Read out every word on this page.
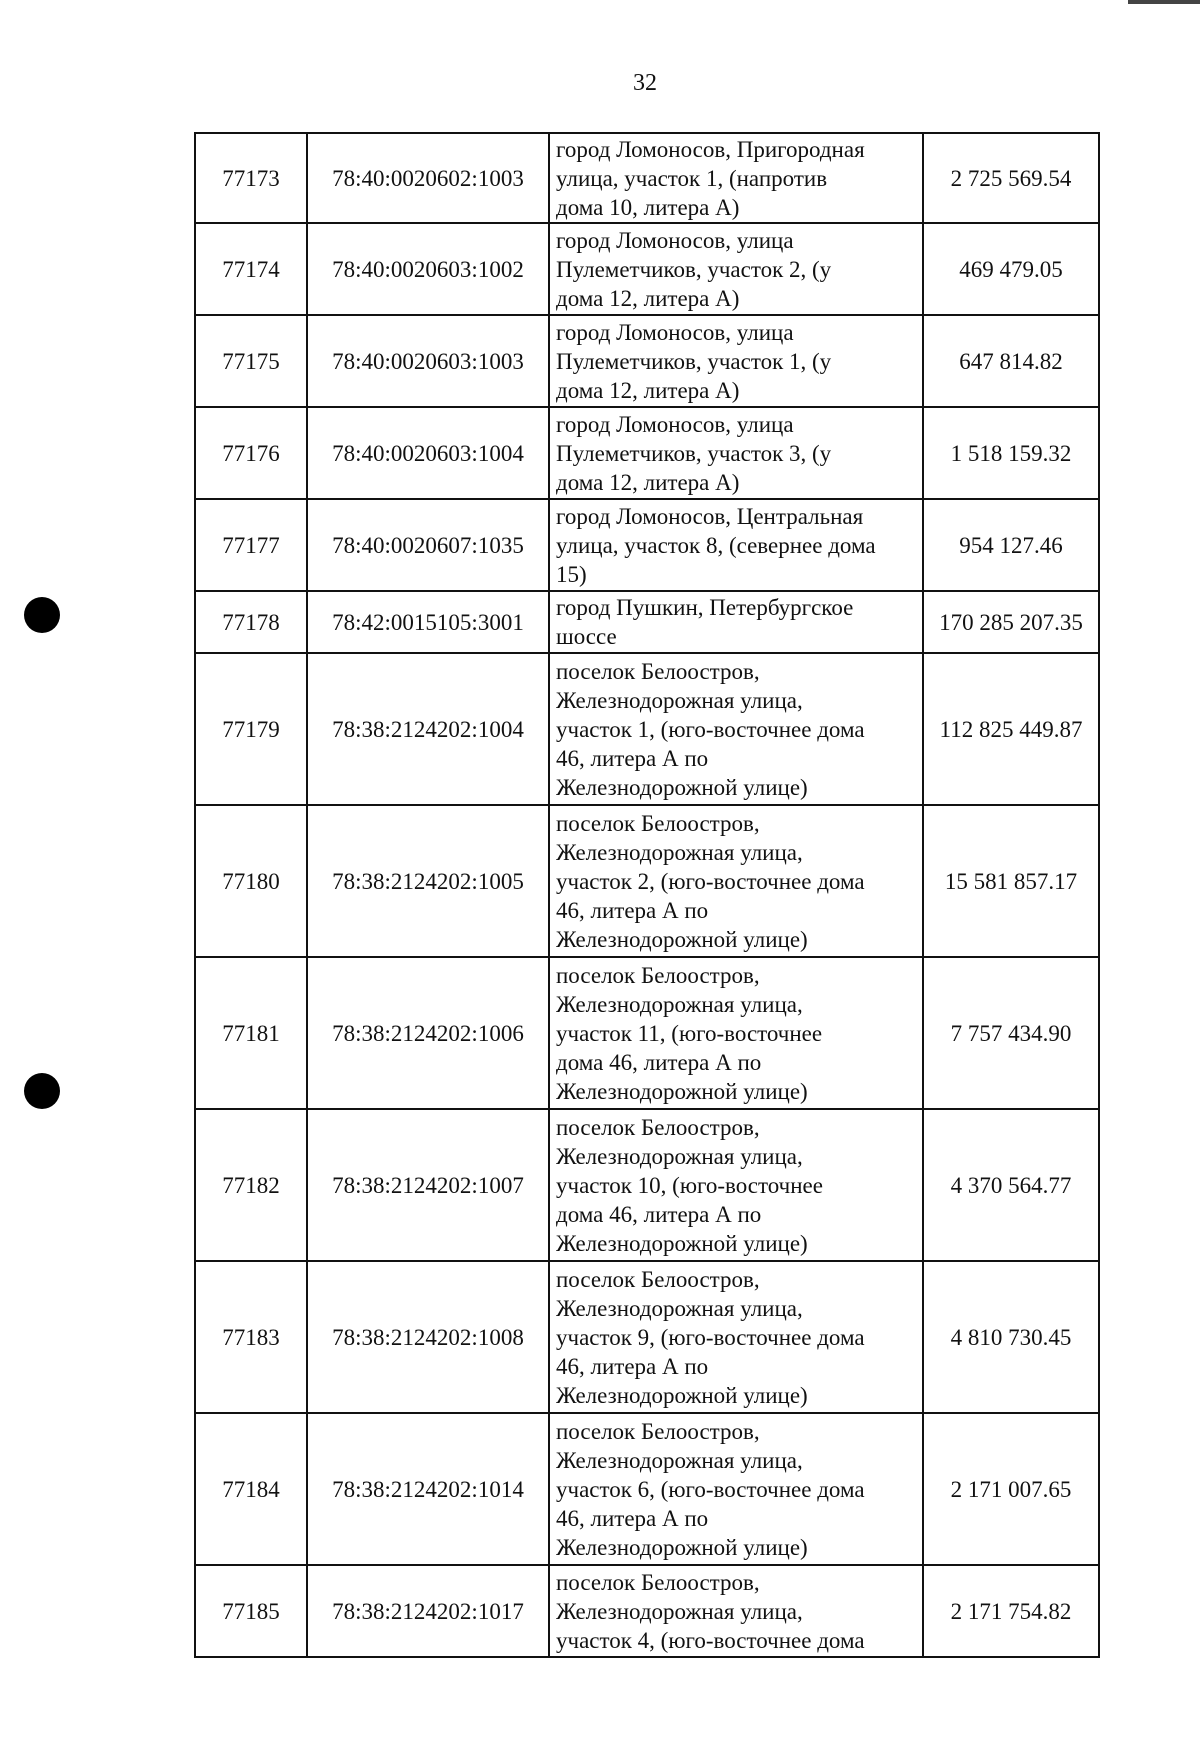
32
77173	78:40:0020602:1003	город Ломоносов, Пригородная
улица, участок 1, (напротив
дома 10, литера А)	2 725 569.54
77174	78:40:0020603:1002	город Ломоносов, улица
Пулеметчиков, участок 2, (у
дома 12, литера А)	469 479.05
77175	78:40:0020603:1003	город Ломоносов, улица
Пулеметчиков, участок 1, (у
дома 12, литера А)	647 814.82
77176	78:40:0020603:1004	город Ломоносов, улица
Пулеметчиков, участок 3, (у
дома 12, литера А)	1 518 159.32
77177	78:40:0020607:1035	город Ломоносов, Центральная
улица, участок 8, (севернее дома
15)	954 127.46
77178	78:42:0015105:3001	город Пушкин, Петербургское
шоссе	170 285 207.35
77179	78:38:2124202:1004	поселок Белоостров,
Железнодорожная улица,
участок 1, (юго-восточнее дома
46, литера А по
Железнодорожной улице)	112 825 449.87
77180	78:38:2124202:1005	поселок Белоостров,
Железнодорожная улица,
участок 2, (юго-восточнее дома
46, литера А по
Железнодорожной улице)	15 581 857.17
77181	78:38:2124202:1006	поселок Белоостров,
Железнодорожная улица,
участок 11, (юго-восточнее
дома 46, литера А по
Железнодорожной улице)	7 757 434.90
77182	78:38:2124202:1007	поселок Белоостров,
Железнодорожная улица,
участок 10, (юго-восточнее
дома 46, литера А по
Железнодорожной улице)	4 370 564.77
77183	78:38:2124202:1008	поселок Белоостров,
Железнодорожная улица,
участок 9, (юго-восточнее дома
46, литера А по
Железнодорожной улице)	4 810 730.45
77184	78:38:2124202:1014	поселок Белоостров,
Железнодорожная улица,
участок 6, (юго-восточнее дома
46, литера А по
Железнодорожной улице)	2 171 007.65
77185	78:38:2124202:1017	поселок Белоостров,
Железнодорожная улица,
участок 4, (юго-восточнее дома	2 171 754.82
